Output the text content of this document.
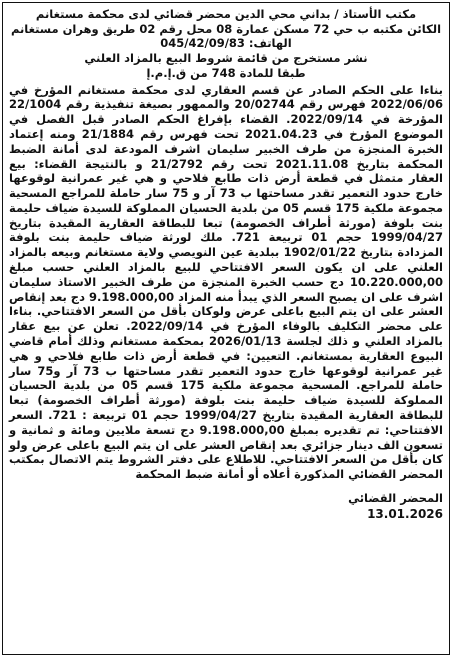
مكتب الأستاذ / بداني محي الدين محضر قضائي لدى محكمة مستغانم
الكائن مكتبه ب حي 72 مسكن عمارة 08 محل رقم 02 طريق وهران مستغانم
الهاتف: 045/42/09/83
نشر مستخرج من قائمة شروط البيع بالمزاد العلني
طبقا للمادة 748 من ق.إ.م.إ
بناءا على الحكم الصادر عن قسم العقاري لدى محكمة مستغانم المؤرخ في 2022/06/06 فهرس رقم 20/02744 والممهور بصيغة تنفيذية رقم 22/1004 المؤرخة في 2022/09/14. القضاء بإفراغ الحكم الصادر قبل الفصل في الموضوع المؤرخ في 2021.04.23 تحت فهرس رقم 21/1884 ومنه إعتماد الخبرة المنجزة من طرف الخبير سليمان اشرف المودعة لدى أمانة الضبط المحكمة بتاريخ 2021.11.08 تحت رقم 21/2792 و بالنتيجة القضاء: بيع العقار متمثل في قطعة أرض ذات طابع فلاحي و هي غير عمرانية لوقوعها خارج حدود التعمير تقدر مساحتها ب 73 آر و 75 سار حاملة للمراجع المسحية مجموعة ملكية 175 قسم 05 من بلدية الحسيان المملوكة للسيدة ضياف حليمة بنت بلوفة (مورثة أطراف الخصومة) تبعا للبطاقة العقارية المقيدة بتاريخ 1999/04/27 حجم 01 تربيعة 721. ملك لورثة ضياف حليمة بنت بلوفة المزدادة بتاريخ 1902/01/22 ببلدية عين النويصي ولاية مستغانم وبيعه بالمزاد العلني على ان يكون السعر الافتتاحي للبيع بالمزاد العلني حسب مبلغ 10.220.000,00 دج حسب الخبرة المنجزة من طرف الخبير الاستاذ سليمان اشرف على ان يصبح السعر الذي يبدأ منه المزاد 9.198.000,00 دج بعد إنقاص العشر على ان يتم البيع باعلى عرض ولوكان بأقل من السعر الافتتاحي. بناءا على محضر التكليف بالوفاء المؤرخ في 2022/09/14. تعلن عن بيع عقار بالمزاد العلني و ذلك لجلسة 2026/01/13 بمحكمة مستغانم وذلك أمام قاضي البيوع العقارية بمستغانم. التعيين: في قطعة أرض ذات طابع فلاحي و هي غير عمرانية لوقوعها خارج حدود التعمير تقدر مساحتها ب 73 آر و75 سار حاملة للمراجع. المسحية مجموعة ملكية 175 قسم 05 من بلدية الحسيان المملوكة للسيدة ضياف حليمة بنت بلوفة (مورثة أطراف الخصومة) تبعا للبطاقة العقارية المقيدة بتاريخ 1999/04/27 حجم 01 تربيعة : 721. السعر الافتتاحي: تم تقديره بمبلغ 9.198.000,00 دج تسعة ملايين ومائة و ثمانية و تسعون الف دينار جزائري بعد إنقاص العشر على ان يتم البيع باعلى عرض ولو كان بأقل من السعر الافتتاحي. للاطلاع على دفتر الشروط يتم الاتصال بمكتب المحضر القضائي المذكورة أعلاه أو أمانة ضبط المحكمة
المحضر القضائي
13.01.2026
